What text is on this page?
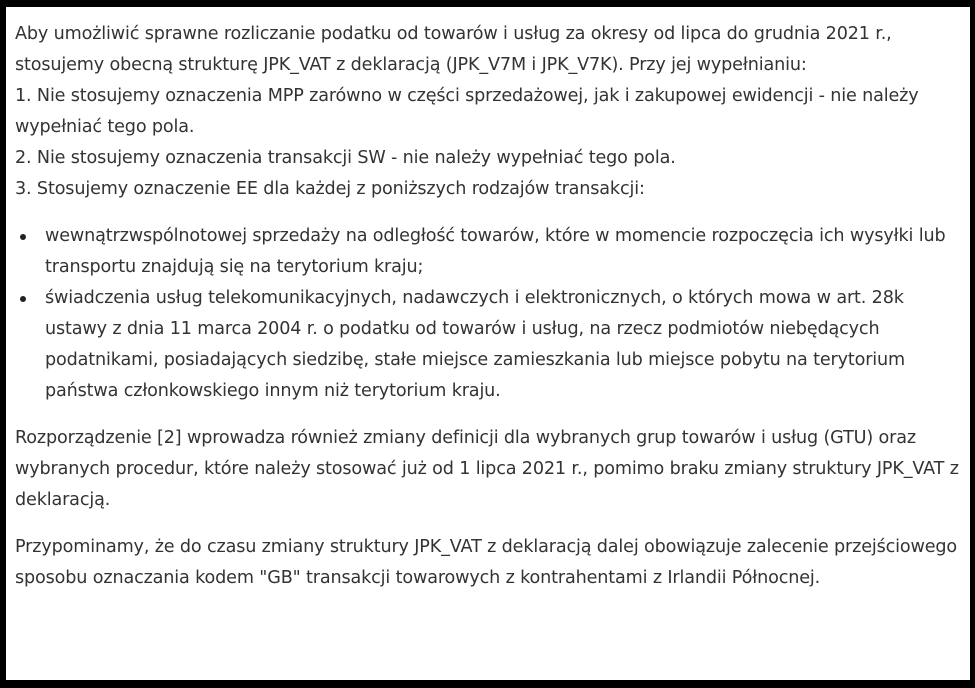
Aby umożliwić sprawne rozliczanie podatku od towarów i usług za okresy od lipca do grudnia 2021 r., stosujemy obecną strukturę JPK_VAT z deklaracją (JPK_V7M i JPK_V7K). Przy jej wypełnianiu:

1. Nie stosujemy oznaczenia MPP zarówno w części sprzedażowej, jak i zakupowej ewidencji - nie należy wypełniać tego pola.

2. Nie stosujemy oznaczenia transakcji SW - nie należy wypełniać tego pola.

3. Stosujemy oznaczenie EE dla każdej z poniższych rodzajów transakcji:

wewnątrzwspólnotowej sprzedaży na odległość towarów, które w momencie rozpoczęcia ich wysyłki lub transportu znajdują się na terytorium kraju;
świadczenia usług telekomunikacyjnych, nadawczych i elektronicznych, o których mowa w art. 28k ustawy z dnia 11 marca 2004 r. o podatku od towarów i usług, na rzecz podmiotów niebędących podatnikami, posiadających siedzibę, stałe miejsce zamieszkania lub miejsce pobytu na terytorium państwa członkowskiego innym niż terytorium kraju.

Rozporządzenie [2] wprowadza również zmiany definicji dla wybranych grup towarów i usług (GTU) oraz wybranych procedur, które należy stosować już od 1 lipca 2021 r., pomimo braku zmiany struktury JPK_VAT z deklaracją.

Przypominamy, że do czasu zmiany struktury JPK_VAT z deklaracją dalej obowiązuje zalecenie przejściowego sposobu oznaczania kodem "GB" transakcji towarowych z kontrahentami z Irlandii Północnej.
